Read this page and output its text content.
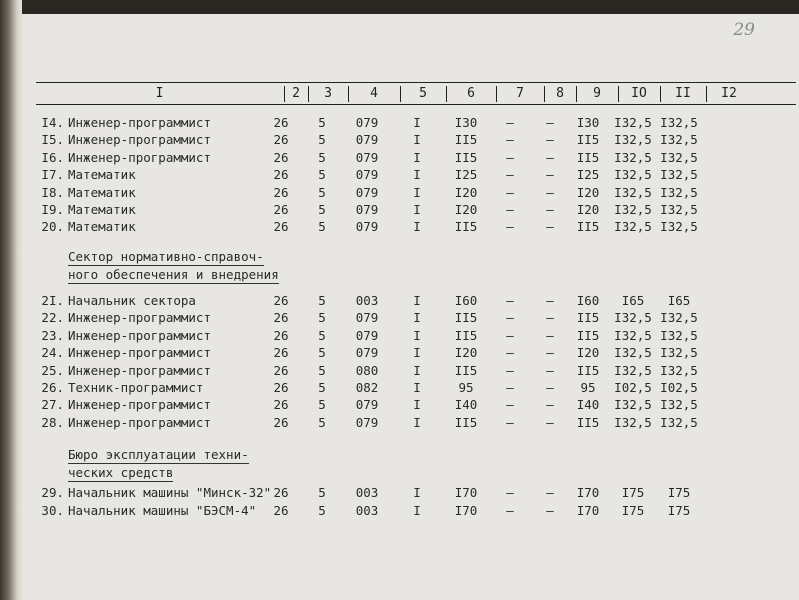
29
I	2	3	4	5	6	7	8	9	IO	II	I2
I4. Инженер-программист	26	5	079	I	I30	–	–	I30	I32,5 I32,5
I5. Инженер-программист	26	5	079	I	II5	–	–	II5	I32,5 I32,5
I6. Инженер-программист	26	5	079	I	II5	–	–	II5	I32,5 I32,5
I7. Математик	26	5	079	I	I25	–	–	I25	I32,5 I32,5
I8. Математик	26	5	079	I	I20	–	–	I20	I32,5 I32,5
I9. Математик	26	5	079	I	I20	–	–	I20	I32,5 I32,5
20. Математик	26	5	079	I	II5	–	–	II5	I32,5 I32,5
Сектор нормативно-справоч-
ного обеспечения и внедрения
2I. Начальник сектора	26	5	003	I	I60	–	–	I60	I65	I65
22. Инженер-программист	26	5	079	I	II5	–	–	II5	I32,5 I32,5
23. Инженер-программист	26	5	079	I	II5	–	–	II5	I32,5 I32,5
24. Инженер-программист	26	5	079	I	I20	–	–	I20	I32,5 I32,5
25. Инженер-программист	26	5	080	I	II5	–	–	II5	I32,5 I32,5
26. Техник-программист	26	5	082	I	95	–	–	95	I02,5 I02,5
27. Инженер-программист	26	5	079	I	I40	–	–	I40	I32,5 I32,5
28. Инженер-программист	26	5	079	I	II5	–	–	II5	I32,5 I32,5
Бюро эксплуатации техни-
ческих средств
29. Начальник машины "Минск-32" 26	5	003	I	I70	–	–	I70	I75	I75
30. Начальник машины "БЭСМ-4"	26	5	003	I	I70	–	–	I70	I75	I75
